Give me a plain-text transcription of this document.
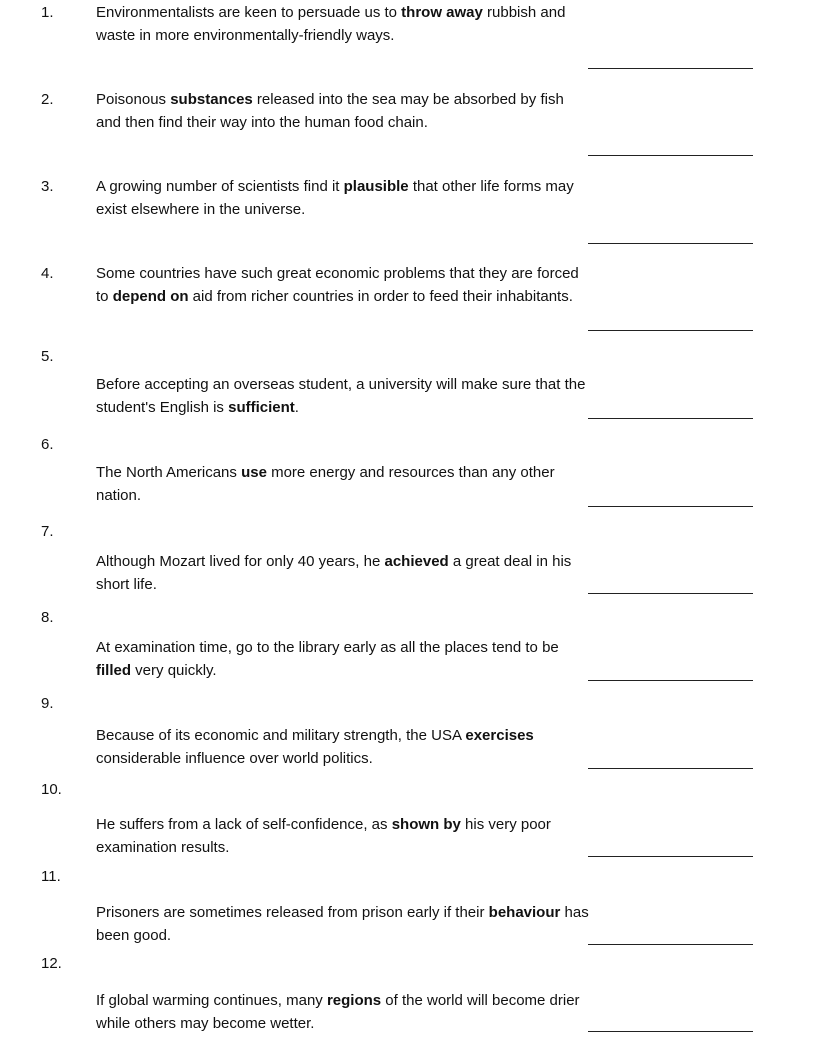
1.	Environmentalists are keen to persuade us to throw away rubbish and waste in more environmentally-friendly ways.
2.	Poisonous substances released into the sea may be absorbed by fish and then find their way into the human food chain.
3.	A growing number of scientists find it plausible that other life forms may exist elsewhere in the universe.
4.	Some countries have such great economic problems that they are forced to depend on aid from richer countries in order to feed their inhabitants.
5.
Before accepting an overseas student, a university will make sure that the student's English is sufficient.
6.
The North Americans use more energy and resources than any other nation.
7.
Although Mozart lived for only 40 years, he achieved a great deal in his short life.
8.
At examination time, go to the library early as all the places tend to be filled very quickly.
9.
Because of its economic and military strength, the USA exercises considerable influence over world politics.
10.
He suffers from a lack of self-confidence, as shown by his very poor examination results.
11.
Prisoners are sometimes released from prison early if their behaviour has been good.
12.
If global warming continues, many regions of the world will become drier while others may become wetter.
